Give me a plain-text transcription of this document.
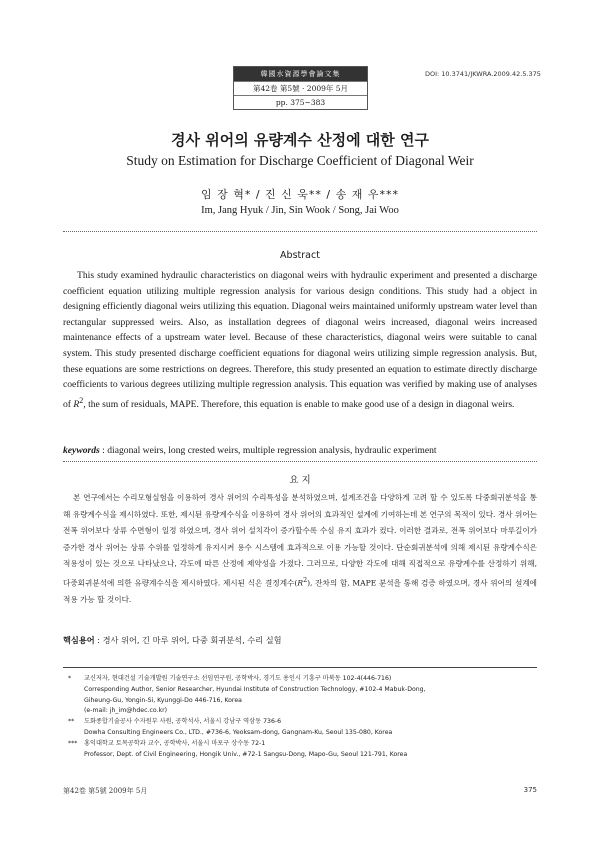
韓國水資源學會論文集
第42卷 第5號 · 2009年 5月
pp. 375~383
DOI: 10.3741/JKWRA.2009.42.5.375
경사 위어의 유량계수 산정에 대한 연구
Study on Estimation for Discharge Coefficient of Diagonal Weir
임 장 혁* / 진 신 욱** / 송 재 우***
Im, Jang Hyuk / Jin, Sin Wook / Song, Jai Woo
Abstract

This study examined hydraulic characteristics on diagonal weirs with hydraulic experiment and presented a discharge coefficient equation utilizing multiple regression analysis for various design conditions. This study had a object in designing efficiently diagonal weirs utilizing this equation. Diagonal weirs maintained uniformly upstream water level than rectangular suppressed weirs. Also, as installation degrees of diagonal weirs increased, diagonal weirs increased maintenance effects of a upstream water level. Because of these characteristics, diagonal weirs were suitable to canal system. This study presented discharge coefficient equations for diagonal weirs utilizing simple regression analysis. But, these equations are some restrictions on degrees. Therefore, this study presented an equation to estimate directly discharge coefficients to various degrees utilizing multiple regression analysis. This equation was verified by making use of analyses of $R^2$, the sum of residuals, MAPE. Therefore, this equation is enable to make good use of a design in diagonal weirs.

keywords : diagonal weirs, long crested weirs, multiple regression analysis, hydraulic experiment
요 지

본 연구에서는 수리모형실험을 이용하여 경사 위어의 수리특성을 분석하였으며, 설계조건을 다양하게 고려 할 수 있도록 다중회귀분석을 통해 유량계수식을 제시하였다. 또한, 제시된 유량계수식을 이용하여 경사 위어의 효과적인 설계에 기여하는데 본 연구의 목적이 있다. 경사 위어는 전폭 위어보다 상류 수면형이 일정 하였으며, 경사 위어 설치각이 증가할수록 수심 유지 효과가 컸다. 이러한 결과로, 전폭 위어보다 마루길이가 증가한 경사 위어는 상류 수위를 일정하게 유지시켜 용수 시스템에 효과적으로 이용 가능할 것이다. 단순회귀분석에 의해 제시된 유량계수식은 적용성이 있는 것으로 나타났으나, 각도에 따른 산정에 제약성을 가졌다. 그러므로, 다양한 각도에 대해 직접적으로 유량계수를 산정하기 위해, 다중회귀분석에 의한 유량계수식을 제시하였다. 제시된 식은 결정계수$(R^2)$, 잔차의 합, MAPE 분석을 통해 검증 하였으며, 경사 위어의 설계에 적용 가능 할 것이다.

핵심용어 : 경사 위어, 긴 마루 위어, 다중 회귀분석, 수리 실험
* 교신저자, 현대건설 기술개발원 기술연구소 선임연구원, 공학박사, 경기도 용인시 기흥구 마북동 102-4(446-716)
Corresponding Author, Senior Researcher, Hyundai Institute of Construction Technology, #102-4 Mabuk-Dong,
Giheung-Gu, Yongin-Si, Kyunggi-Do 446-716, Korea
(e-mail: jh_im@hdec.co.kr)
** 도화종합기술공사 수자원부 사원, 공학석사, 서울시 강남구 역삼동 736-6
Dowha Consulting Engineers Co., LTD., #736-6, Yeoksam-dong, Gangnam-Ku, Seoul 135-080, Korea
*** 홍익대학교 토목공학과 교수, 공학박사, 서울시 마포구 상수동 72-1
Professor, Dept. of Civil Engineering, Hongik Univ., #72-1 Sangsu-Dong, Mapo-Gu, Seoul 121-791, Korea
第42卷 第5號 2009年 5月	375
